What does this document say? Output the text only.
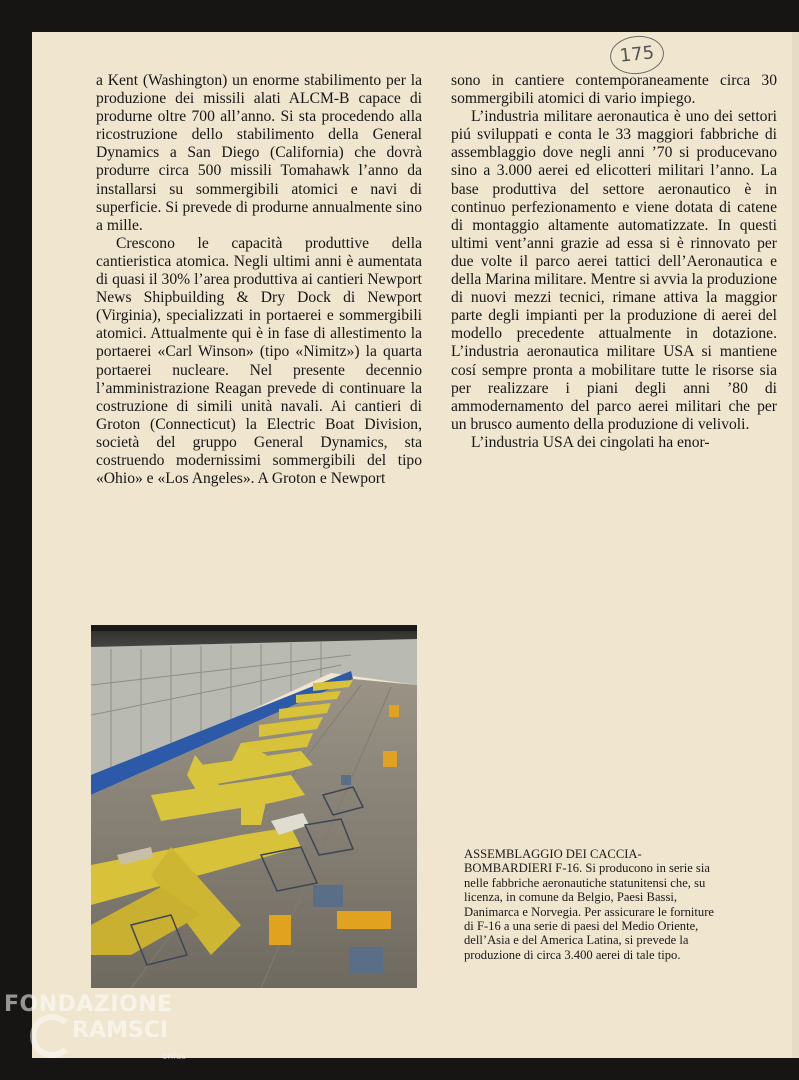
175

a Kent (Washington) un enorme stabilimento per la produzione dei missili alati ALCM-B capace di produrne oltre 700 all’anno. Si sta procedendo alla ricostruzione dello stabilimento della General Dynamics a San Diego (California) che dovrà produrre circa 500 missili Tomahawk l’anno da installarsi su sommergibili atomici e navi di superficie. Si prevede di produrne annualmente sino a mille.

Crescono le capacità produttive della cantieristica atomica. Negli ultimi anni è aumentata di quasi il 30% l’area produttiva ai cantieri Newport News Shipbuilding & Dry Dock di Newport (Virginia), specializzati in portaerei e sommergibili atomici. Attualmente qui è in fase di allestimento la portaerei «Carl Winson» (tipo «Nimitz») la quarta portaerei nucleare. Nel presente decennio l’amministrazione Reagan prevede di continuare la costruzione di simili unità navali. Ai cantieri di Groton (Connecticut) la Electric Boat Division, società del gruppo General Dynamics, sta costruendo modernissimi sommergibili del tipo «Ohio» e «Los Angeles». A Groton e Newport

sono in cantiere contemporaneamente circa 30 sommergibili atomici di vario impiego.

L’industria militare aeronautica è uno dei settori piú sviluppati e conta le 33 maggiori fabbriche di assemblaggio dove negli anni ’70 si producevano sino a 3.000 aerei ed elicotteri militari l’anno. La base produttiva del settore aeronautico è in continuo perfezionamento e viene dotata di catene di montaggio altamente automatizzate. In questi ultimi vent’anni grazie ad essa si è rinnovato per due volte il parco aerei tattici dell’Aeronautica e della Marina militare. Mentre si avvia la produzione di nuovi mezzi tecnici, rimane attiva la maggior parte degli impianti per la produzione di aerei del modello precedente attualmente in dotazione. L’industria aeronautica militare USA si mantiene cosí sempre pronta a mobilitare tutte le risorse sia per realizzare i piani degli anni ’80 di ammodernamento del parco aerei militari che per un brusco aumento della produzione di velivoli.

L’industria USA dei cingolati ha enor-

ASSEMBLAGGIO DEI CACCIA-BOMBARDIERI F-16. Si producono in serie sia nelle fabbriche aeronautiche statunitensi che, su licenza, in comune da Belgio, Paesi Bassi, Danimarca e Norvegia. Per assicurare le forniture di F-16 a una serie di paesi del Medio Oriente, dell’Asia e del America Latina, si prevede la produzione di circa 3.400 aerei di tale tipo.
FONDAZIONE
RAMSCI
onlus
